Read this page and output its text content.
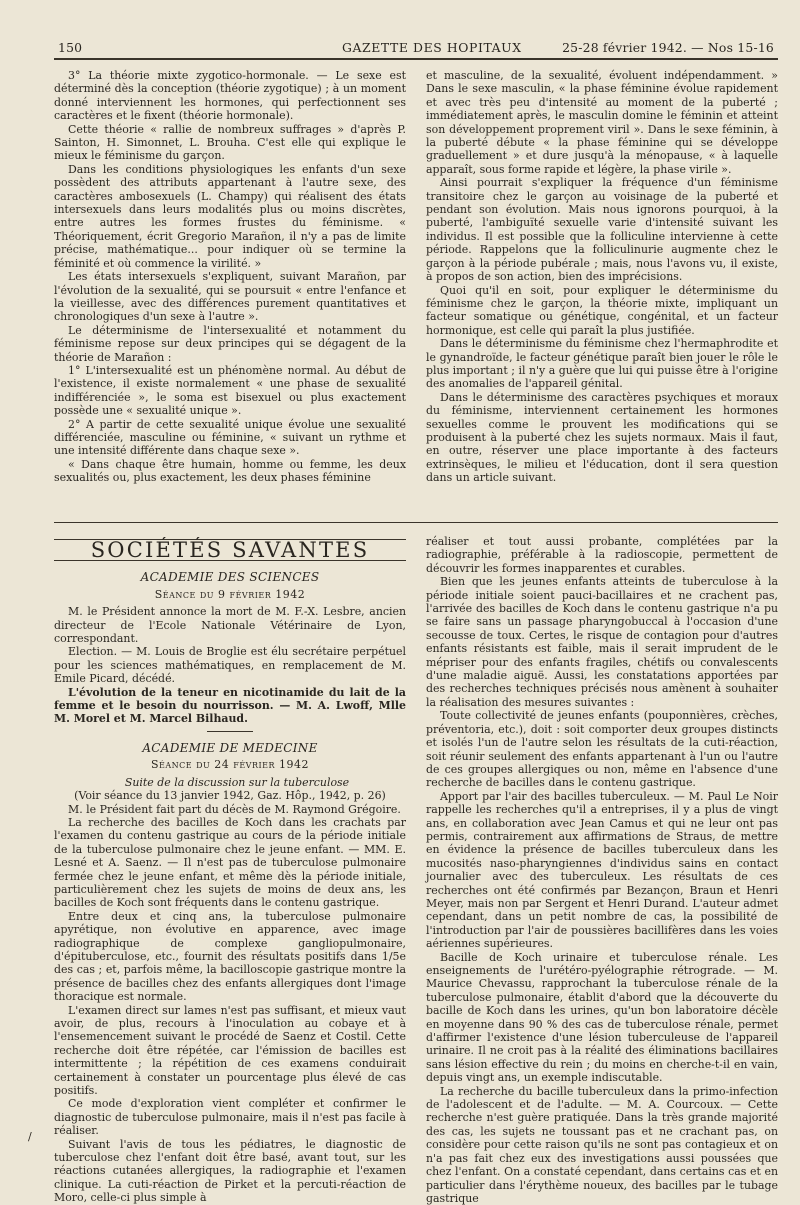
150	GAZETTE DES HOPITAUX	25-28 février 1942. — Nos 15-16

3° La théorie mixte zygotico-hormonale. — Le sexe est déterminé dès la conception (théorie zygotique) ; à un moment donné interviennent les hormones, qui perfectionnent ses caractères et le fixent (théorie hormonale).

Cette théorie « rallie de nombreux suffrages » d'après P. Sainton, H. Simonnet, L. Brouha. C'est elle qui explique le mieux le féminisme du garçon.

Dans les conditions physiologiques les enfants d'un sexe possèdent des attributs appartenant à l'autre sexe, des caractères ambosexuels (L. Champy) qui réalisent des états intersexuels dans leurs modalités plus ou moins discrètes, entre autres les formes frustes du féminisme. « Théoriquement, écrit Gregorio Marañon, il n'y a pas de limite précise, mathématique... pour indiquer où se termine la féminité et où commence la virilité. »

Les états intersexuels s'expliquent, suivant Marañon, par l'évolution de la sexualité, qui se poursuit « entre l'enfance et la vieillesse, avec des différences purement quantitatives et chronologiques d'un sexe à l'autre ».

Le déterminisme de l'intersexualité et notamment du féminisme repose sur deux principes qui se dégagent de la théorie de Marañon :

1° L'intersexualité est un phénomène normal. Au début de l'existence, il existe normalement « une phase de sexualité indifférenciée », le soma est bisexuel ou plus exactement possède une « sexualité unique ».

2° A partir de cette sexualité unique évolue une sexualité différenciée, masculine ou féminine, « suivant un rythme et une intensité différente dans chaque sexe ».

« Dans chaque être humain, homme ou femme, les deux sexualités ou, plus exactement, les deux phases féminine

et masculine, de la sexualité, évoluent indépendamment. » Dans le sexe masculin, « la phase féminine évolue rapidement et avec très peu d'intensité au moment de la puberté ; immédiatement après, le masculin domine le féminin et atteint son développement proprement viril ». Dans le sexe féminin, à la puberté débute « la phase féminine qui se développe graduellement » et dure jusqu'à la ménopause, « à laquelle apparaît, sous forme rapide et légère, la phase virile ».

Ainsi pourrait s'expliquer la fréquence d'un féminisme transitoire chez le garçon au voisinage de la puberté et pendant son évolution. Mais nous ignorons pourquoi, à la puberté, l'ambiguïté sexuelle varie d'intensité suivant les individus. Il est possible que la folliculine intervienne à cette période. Rappelons que la folliculinurie augmente chez le garçon à la période pubérale ; mais, nous l'avons vu, il existe, à propos de son action, bien des imprécisions.

Quoi qu'il en soit, pour expliquer le déterminisme du féminisme chez le garçon, la théorie mixte, impliquant un facteur somatique ou génétique, congénital, et un facteur hormonique, est celle qui paraît la plus justifiée.

Dans le déterminisme du féminisme chez l'hermaphrodite et le gynandroïde, le facteur génétique paraît bien jouer le rôle le plus important ; il n'y a guère que lui qui puisse être à l'origine des anomalies de l'appareil génital.

Dans le déterminisme des caractères psychiques et moraux du féminisme, interviennent certainement les hormones sexuelles comme le prouvent les modifications qui se produisent à la puberté chez les sujets normaux. Mais il faut, en outre, réserver une place importante à des facteurs extrinsèques, le milieu et l'éducation, dont il sera question dans un article suivant.

SOCIÉTÉS SAVANTES
ACADEMIE DES SCIENCES
Séance du 9 février 1942

M. le Président annonce la mort de M. F.-X. Lesbre, ancien directeur de l'Ecole Nationale Vétérinaire de Lyon, correspondant.

Election. — M. Louis de Broglie est élu secrétaire perpétuel pour les sciences mathématiques, en remplacement de M. Emile Picard, décédé.

L'évolution de la teneur en nicotinamide du lait de la femme et le besoin du nourrisson. — M. A. Lwoff, Mlle M. Morel et M. Marcel Bilhaud.

ACADEMIE DE MEDECINE
Séance du 24 février 1942

Suite de la discussion sur la tuberculose

(Voir séance du 13 janvier 1942, Gaz. Hôp., 1942, p. 26)

M. le Président fait part du décès de M. Raymond Grégoire.

La recherche des bacilles de Koch dans les crachats par l'examen du contenu gastrique au cours de la période initiale de la tuberculose pulmonaire chez le jeune enfant. — MM. E. Lesné et A. Saenz. — Il n'est pas de tuberculose pulmonaire fermée chez le jeune enfant, et même dès la période initiale, particulièrement chez les sujets de moins de deux ans, les bacilles de Koch sont fréquents dans le contenu gastrique.

Entre deux et cinq ans, la tuberculose pulmonaire apyrétique, non évolutive en apparence, avec image radiographique de complexe gangliopulmonaire, d'épituberculose, etc., fournit des résultats positifs dans 1/5e des cas ; et, parfois même, la bacilloscopie gastrique montre la présence de bacilles chez des enfants allergiques dont l'image thoracique est normale.

L'examen direct sur lames n'est pas suffisant, et mieux vaut avoir, de plus, recours à l'inoculation au cobaye et à l'ensemencement suivant le procédé de Saenz et Costil. Cette recherche doit être répétée, car l'émission de bacilles est intermittente ; la répétition de ces examens conduirait certainement à constater un pourcentage plus élevé de cas positifs.

Ce mode d'exploration vient compléter et confirmer le diagnostic de tuberculose pulmonaire, mais il n'est pas facile à réaliser.

Suivant l'avis de tous les pédiatres, le diagnostic de tuberculose chez l'enfant doit être basé, avant tout, sur les réactions cutanées allergiques, la radiographie et l'examen clinique. La cuti-réaction de Pirket et la percuti-réaction de Moro, celle-ci plus simple à

réaliser et tout aussi probante, complétées par la radiographie, préférable à la radioscopie, permettent de découvrir les formes inapparentes et curables.

Bien que les jeunes enfants atteints de tuberculose à la période initiale soient pauci-bacillaires et ne crachent pas, l'arrivée des bacilles de Koch dans le contenu gastrique n'a pu se faire sans un passage pharyngobuccal à l'occasion d'une secousse de toux. Certes, le risque de contagion pour d'autres enfants résistants est faible, mais il serait imprudent de le mépriser pour des enfants fragiles, chétifs ou convalescents d'une maladie aiguë. Aussi, les constatations apportées par des recherches techniques précisés nous amènent à souhaiter la réalisation des mesures suivantes :

Toute collectivité de jeunes enfants (pouponnières, crèches, préventoria, etc.), doit : soit comporter deux groupes distincts et isolés l'un de l'autre selon les résultats de la cuti-réaction, soit réunir seulement des enfants appartenant à l'un ou l'autre de ces groupes allergiques ou non, même en l'absence d'une recherche de bacilles dans le contenu gastrique.

Apport par l'air des bacilles tuberculeux. — M. Paul Le Noir rappelle les recherches qu'il a entreprises, il y a plus de vingt ans, en collaboration avec Jean Camus et qui ne leur ont pas permis, contrairement aux affirmations de Straus, de mettre en évidence la présence de bacilles tuberculeux dans les mucosités naso-pharyngiennes d'individus sains en contact journalier avec des tuberculeux. Les résultats de ces recherches ont été confirmés par Bezançon, Braun et Henri Meyer, mais non par Sergent et Henri Durand. L'auteur admet cependant, dans un petit nombre de cas, la possibilité de l'introduction par l'air de poussières bacillifères dans les voies aériennes supérieures.

Bacille de Koch urinaire et tuberculose rénale. Les enseignements de l'urétéro-pyélographie rétrograde. — M. Maurice Chevassu, rapprochant la tuberculose rénale de la tuberculose pulmonaire, établit d'abord que la découverte du bacille de Koch dans les urines, qu'un bon laboratoire décèle en moyenne dans 90 % des cas de tuberculose rénale, permet d'affirmer l'existence d'une lésion tuberculeuse de l'appareil urinaire. Il ne croit pas à la réalité des éliminations bacillaires sans lésion effective du rein ; du moins en cherche-t-il en vain, depuis vingt ans, un exemple indiscutable.

La recherche du bacille tuberculeux dans la primo-infection de l'adolescent et de l'adulte. — M. A. Courcoux. — Cette recherche n'est guère pratiquée. Dans la très grande majorité des cas, les sujets ne toussant pas et ne crachant pas, on considère pour cette raison qu'ils ne sont pas contagieux et on n'a pas fait chez eux des investigations aussi poussées que chez l'enfant. On a constaté cependant, dans certains cas et en particulier dans l'érythème noueux, des bacilles par le tubage gastrique

/
